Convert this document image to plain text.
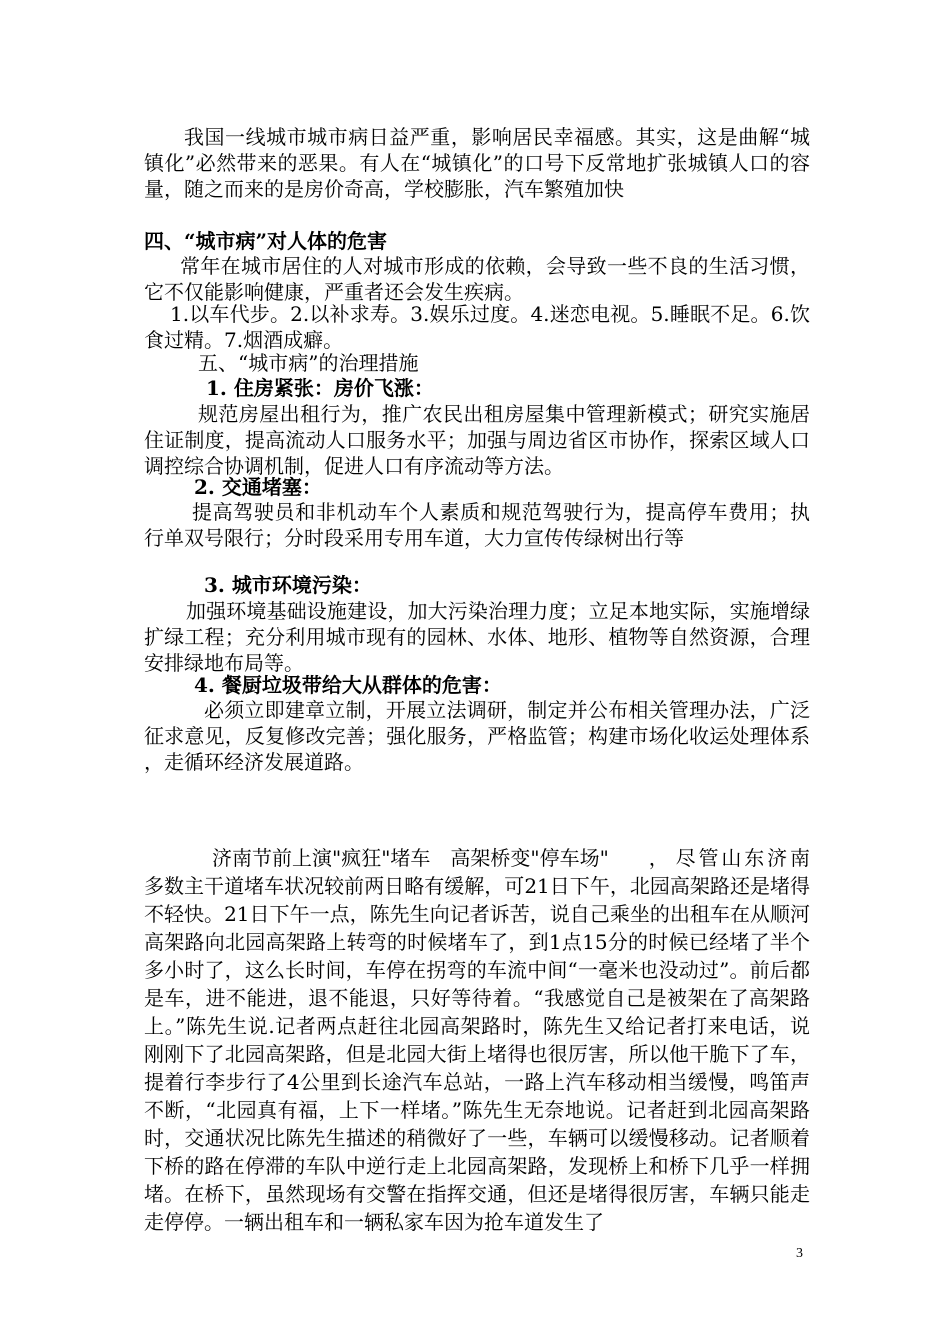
我国一线城市城市病日益严重，影响居民幸福感。其实，这是曲解“城镇化”必然带来的恶果。有人在“城镇化”的口号下反常地扩张城镇人口的容量，随之而来的是房价奇高，学校膨胀，汽车繁殖加快

四、“城市病”对人体的危害

常年在城市居住的人对城市形成的依赖，会导致一些不良的生活习惯，它不仅能影响健康，严重者还会发生疾病。

1.以车代步。2.以补求寿。3.娱乐过度。4.迷恋电视。5.睡眠不足。6.饮食过精。7.烟酒成癖。

五、“城市病”的治理措施

1. 住房紧张：房价飞涨：

规范房屋出租行为，推广农民出租房屋集中管理新模式；研究实施居住证制度，提高流动人口服务水平；加强与周边省区市协作，探索区域人口调控综合协调机制，促进人口有序流动等方法。

2. 交通堵塞：

提高驾驶员和非机动车个人素质和规范驾驶行为，提高停车费用；执行单双号限行；分时段采用专用车道，大力宣传传绿树出行等

3. 城市环境污染：

加强环境基础设施建设，加大污染治理力度；立足本地实际，实施增绿扩绿工程；充分利用城市现有的园林、水体、地形、植物等自然资源，合理安排绿地布局等。

4. 餐厨垃圾带给大从群体的危害：

必须立即建章立制，开展立法调研，制定并公布相关管理办法，广泛征求意见，反复修改完善；强化服务，严格监管；构建市场化收运处理体系，走循环经济发展道路。

济南节前上演"疯狂"堵车　高架桥变"停车场"　　， 尽管山东济南多数主干道堵车状况较前两日略有缓解，可21日下午，北园高架路还是堵得不轻快。21日下午一点，陈先生向记者诉苦，说自己乘坐的出租车在从顺河高架路向北园高架路上转弯的时候堵车了，到1点15分的时候已经堵了半个多小时了，这么长时间，车停在拐弯的车流中间“一毫米也没动过”。前后都是车，进不能进，退不能退，只好等待着。“我感觉自己是被架在了高架路上。”陈先生说.记者两点赶往北园高架路时，陈先生又给记者打来电话，说刚刚下了北园高架路，但是北园大街上堵得也很厉害，所以他干脆下了车，提着行李步行了4公里到长途汽车总站，一路上汽车移动相当缓慢，鸣笛声不断，“北园真有福，上下一样堵。”陈先生无奈地说。记者赶到北园高架路时，交通状况比陈先生描述的稍微好了一些，车辆可以缓慢移动。记者顺着下桥的路在停滞的车队中逆行走上北园高架路，发现桥上和桥下几乎一样拥堵。在桥下，虽然现场有交警在指挥交通，但还是堵得很厉害，车辆只能走走停停。一辆出租车和一辆私家车因为抢车道发生了

3
